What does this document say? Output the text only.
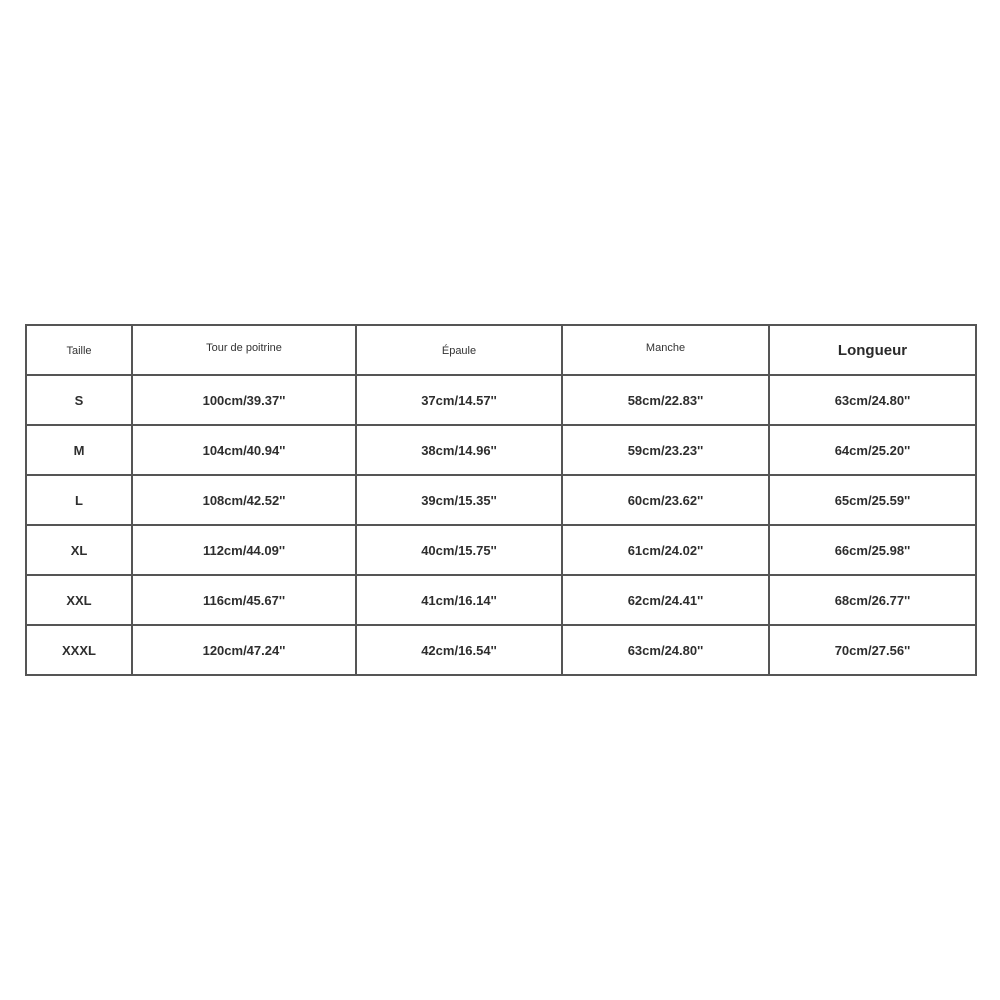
Taille	Tour de poitrine	Épaule	Manche	Longueur
S	100cm/39.37''	37cm/14.57''	58cm/22.83''	63cm/24.80''
M	104cm/40.94''	38cm/14.96''	59cm/23.23''	64cm/25.20''
L	108cm/42.52''	39cm/15.35''	60cm/23.62''	65cm/25.59''
XL	112cm/44.09''	40cm/15.75''	61cm/24.02''	66cm/25.98''
XXL	116cm/45.67''	41cm/16.14''	62cm/24.41''	68cm/26.77''
XXXL	120cm/47.24''	42cm/16.54''	63cm/24.80''	70cm/27.56''
